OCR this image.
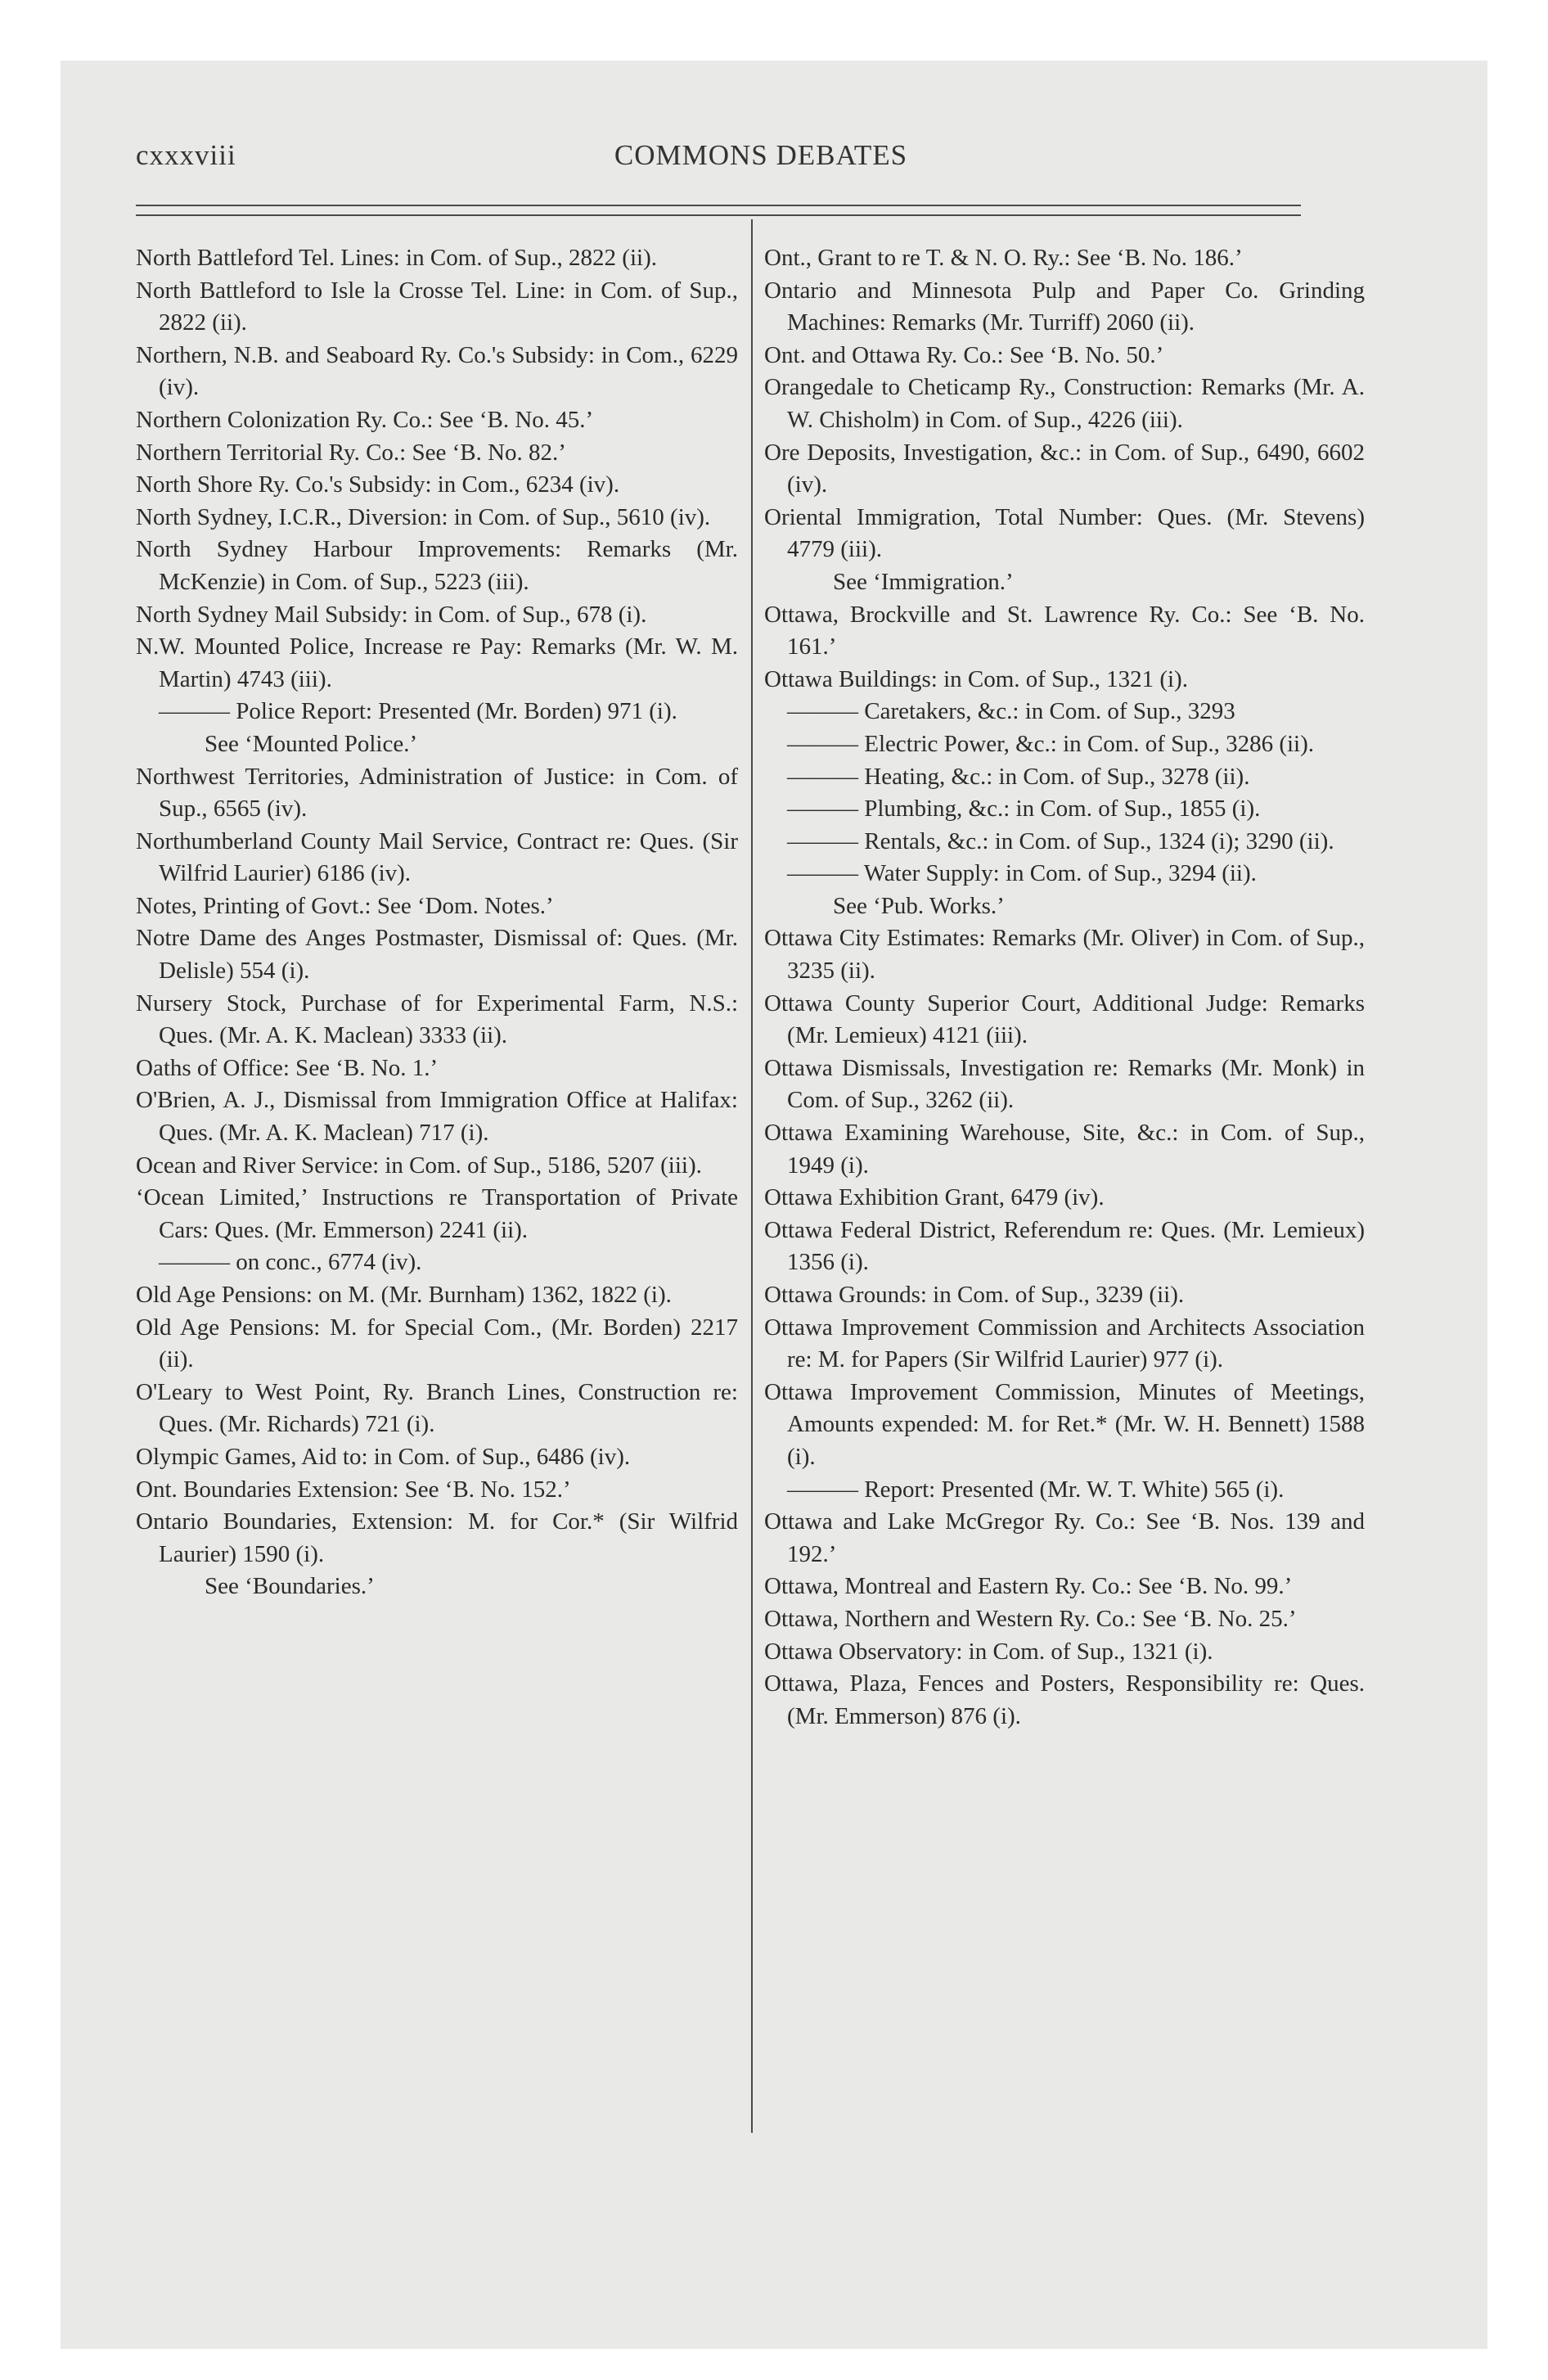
cxxxviii	COMMONS DEBATES

North Battleford Tel. Lines: in Com. of Sup., 2822 (ii).

North Battleford to Isle la Crosse Tel. Line: in Com. of Sup., 2822 (ii).

Northern, N.B. and Seaboard Ry. Co.'s Subsidy: in Com., 6229 (iv).

Northern Colonization Ry. Co.: See ‘B. No. 45.’

Northern Territorial Ry. Co.: See ‘B. No. 82.’

North Shore Ry. Co.'s Subsidy: in Com., 6234 (iv).

North Sydney, I.C.R., Diversion: in Com. of Sup., 5610 (iv).

North Sydney Harbour Improvements: Remarks (Mr. McKenzie) in Com. of Sup., 5223 (iii).

North Sydney Mail Subsidy: in Com. of Sup., 678 (i).

N.W. Mounted Police, Increase re Pay: Remarks (Mr. W. M. Martin) 4743 (iii).

——— Police Report: Presented (Mr. Borden) 971 (i).

See ‘Mounted Police.’

Northwest Territories, Administration of Justice: in Com. of Sup., 6565 (iv).

Northumberland County Mail Service, Contract re: Ques. (Sir Wilfrid Laurier) 6186 (iv).

Notes, Printing of Govt.: See ‘Dom. Notes.’

Notre Dame des Anges Postmaster, Dismissal of: Ques. (Mr. Delisle) 554 (i).

Nursery Stock, Purchase of for Experimental Farm, N.S.: Ques. (Mr. A. K. Maclean) 3333 (ii).

Oaths of Office: See ‘B. No. 1.’

O'Brien, A. J., Dismissal from Immigration Office at Halifax: Ques. (Mr. A. K. Maclean) 717 (i).

Ocean and River Service: in Com. of Sup., 5186, 5207 (iii).

‘Ocean Limited,’ Instructions re Transportation of Private Cars: Ques. (Mr. Emmerson) 2241 (ii).

——— on conc., 6774 (iv).

Old Age Pensions: on M. (Mr. Burnham) 1362, 1822 (i).

Old Age Pensions: M. for Special Com., (Mr. Borden) 2217 (ii).

O'Leary to West Point, Ry. Branch Lines, Construction re: Ques. (Mr. Richards) 721 (i).

Olympic Games, Aid to: in Com. of Sup., 6486 (iv).

Ont. Boundaries Extension: See ‘B. No. 152.’

Ontario Boundaries, Extension: M. for Cor.* (Sir Wilfrid Laurier) 1590 (i).

See ‘Boundaries.’

Ont., Grant to re T. & N. O. Ry.: See ‘B. No. 186.’

Ontario and Minnesota Pulp and Paper Co. Grinding Machines: Remarks (Mr. Turriff) 2060 (ii).

Ont. and Ottawa Ry. Co.: See ‘B. No. 50.’

Orangedale to Cheticamp Ry., Construction: Remarks (Mr. A. W. Chisholm) in Com. of Sup., 4226 (iii).

Ore Deposits, Investigation, &c.: in Com. of Sup., 6490, 6602 (iv).

Oriental Immigration, Total Number: Ques. (Mr. Stevens) 4779 (iii).

See ‘Immigration.’

Ottawa, Brockville and St. Lawrence Ry. Co.: See ‘B. No. 161.’

Ottawa Buildings: in Com. of Sup., 1321 (i).

——— Caretakers, &c.: in Com. of Sup., 3293

——— Electric Power, &c.: in Com. of Sup., 3286 (ii).

——— Heating, &c.: in Com. of Sup., 3278 (ii).

——— Plumbing, &c.: in Com. of Sup., 1855 (i).

——— Rentals, &c.: in Com. of Sup., 1324 (i); 3290 (ii).

——— Water Supply: in Com. of Sup., 3294 (ii).

See ‘Pub. Works.’

Ottawa City Estimates: Remarks (Mr. Oliver) in Com. of Sup., 3235 (ii).

Ottawa County Superior Court, Additional Judge: Remarks (Mr. Lemieux) 4121 (iii).

Ottawa Dismissals, Investigation re: Remarks (Mr. Monk) in Com. of Sup., 3262 (ii).

Ottawa Examining Warehouse, Site, &c.: in Com. of Sup., 1949 (i).

Ottawa Exhibition Grant, 6479 (iv).

Ottawa Federal District, Referendum re: Ques. (Mr. Lemieux) 1356 (i).

Ottawa Grounds: in Com. of Sup., 3239 (ii).

Ottawa Improvement Commission and Architects Association re: M. for Papers (Sir Wilfrid Laurier) 977 (i).

Ottawa Improvement Commission, Minutes of Meetings, Amounts expended: M. for Ret.* (Mr. W. H. Bennett) 1588 (i).

——— Report: Presented (Mr. W. T. White) 565 (i).

Ottawa and Lake McGregor Ry. Co.: See ‘B. Nos. 139 and 192.’

Ottawa, Montreal and Eastern Ry. Co.: See ‘B. No. 99.’

Ottawa, Northern and Western Ry. Co.: See ‘B. No. 25.’

Ottawa Observatory: in Com. of Sup., 1321 (i).

Ottawa, Plaza, Fences and Posters, Responsibility re: Ques. (Mr. Emmerson) 876 (i).
